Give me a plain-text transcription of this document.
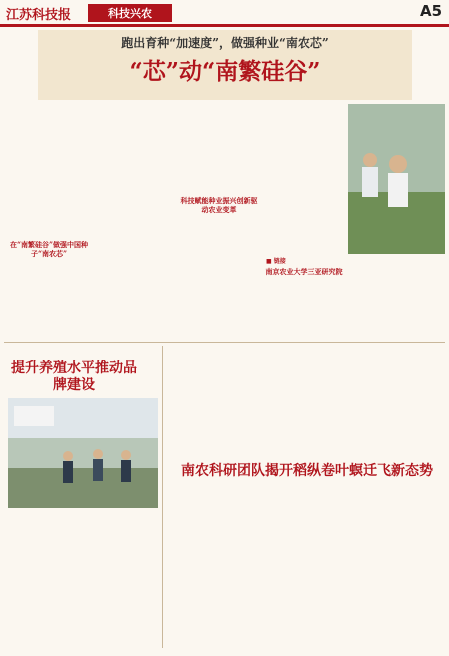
江苏科技报	科技兴农	A5
跑出育种“加速度”，做强种业“南农芯”
“芯”动“南繁硅谷”
在“南繁硅谷”做强中国种子“南农芯”
科技赋能种业振兴创新驱动农业变革
■ 链接
南京农业大学三亚研究院
提升养殖水平推动品牌建设
南农科研团队揭开稻纵卷叶螟迁飞新态势
